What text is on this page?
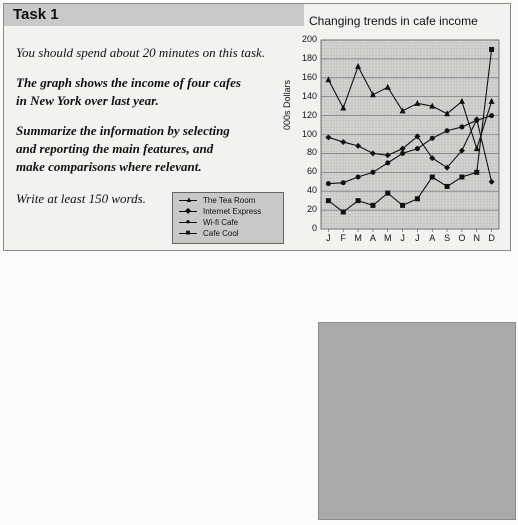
Task 1
You should spend about 20 minutes on this task.
The graph shows the income of four cafes
in New York over last year.
Summarize the information by selecting
and reporting the main features, and
make comparisons where relevant.
Write at least 150 words.	▲ The Tea Room
◆ Internet Express
● Wi-fi Cafe
■ Cafe Cool
Changing trends in cafe income
000s Dollars
0
20
40
60
80
100
120
140
160
180
200
J F M A M J J A S O N D
